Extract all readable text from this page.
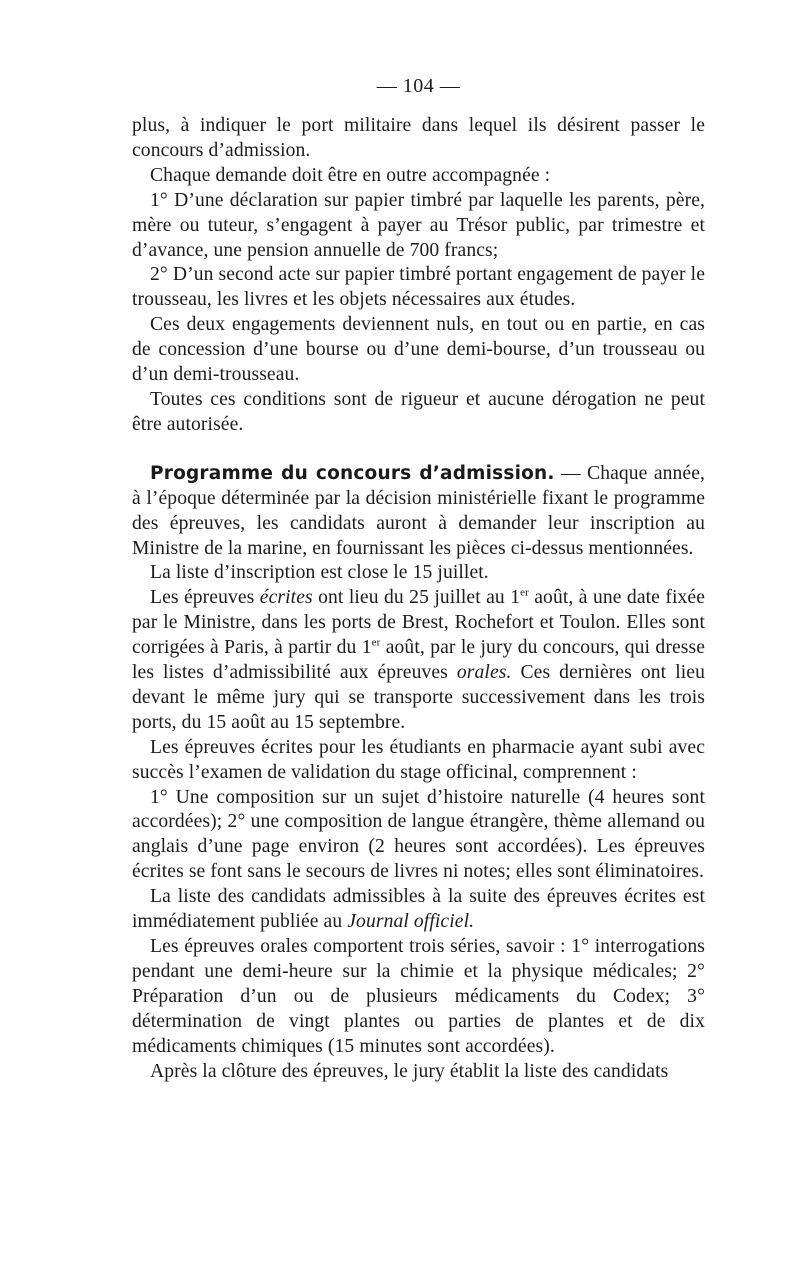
— 104 —

plus, à indiquer le port militaire dans lequel ils désirent passer le concours d’admission.

Chaque demande doit être en outre accompagnée :

1° D’une déclaration sur papier timbré par laquelle les parents, père, mère ou tuteur, s’engagent à payer au Trésor public, par trimestre et d’avance, une pension annuelle de 700 francs;

2° D’un second acte sur papier timbré portant engagement de payer le trousseau, les livres et les objets nécessaires aux études.

Ces deux engagements deviennent nuls, en tout ou en partie, en cas de concession d’une bourse ou d’une demi-bourse, d’un trousseau ou d’un demi-trousseau.

Toutes ces conditions sont de rigueur et aucune dérogation ne peut être autorisée.

Programme du concours d’admission. — Chaque année, à l’époque déterminée par la décision ministérielle fixant le programme des épreuves, les candidats auront à demander leur inscription au Ministre de la marine, en fournissant les pièces ci-dessus mentionnées.

La liste d’inscription est close le 15 juillet.

Les épreuves écrites ont lieu du 25 juillet au 1er août, à une date fixée par le Ministre, dans les ports de Brest, Rochefort et Toulon. Elles sont corrigées à Paris, à partir du 1er août, par le jury du concours, qui dresse les listes d’admissibilité aux épreuves orales. Ces dernières ont lieu devant le même jury qui se transporte successivement dans les trois ports, du 15 août au 15 septembre.

Les épreuves écrites pour les étudiants en pharmacie ayant subi avec succès l’examen de validation du stage officinal, comprennent :

1° Une composition sur un sujet d’histoire naturelle (4 heures sont accordées); 2° une composition de langue étrangère, thème allemand ou anglais d’une page environ (2 heures sont accordées). Les épreuves écrites se font sans le secours de livres ni notes; elles sont éliminatoires.

La liste des candidats admissibles à la suite des épreuves écrites est immédiatement publiée au Journal officiel.

Les épreuves orales comportent trois séries, savoir : 1° interrogations pendant une demi-heure sur la chimie et la physique médicales; 2° Préparation d’un ou de plusieurs médicaments du Codex; 3° détermination de vingt plantes ou parties de plantes et de dix médicaments chimiques (15 minutes sont accordées).

Après la clôture des épreuves, le jury établit la liste des candidats
